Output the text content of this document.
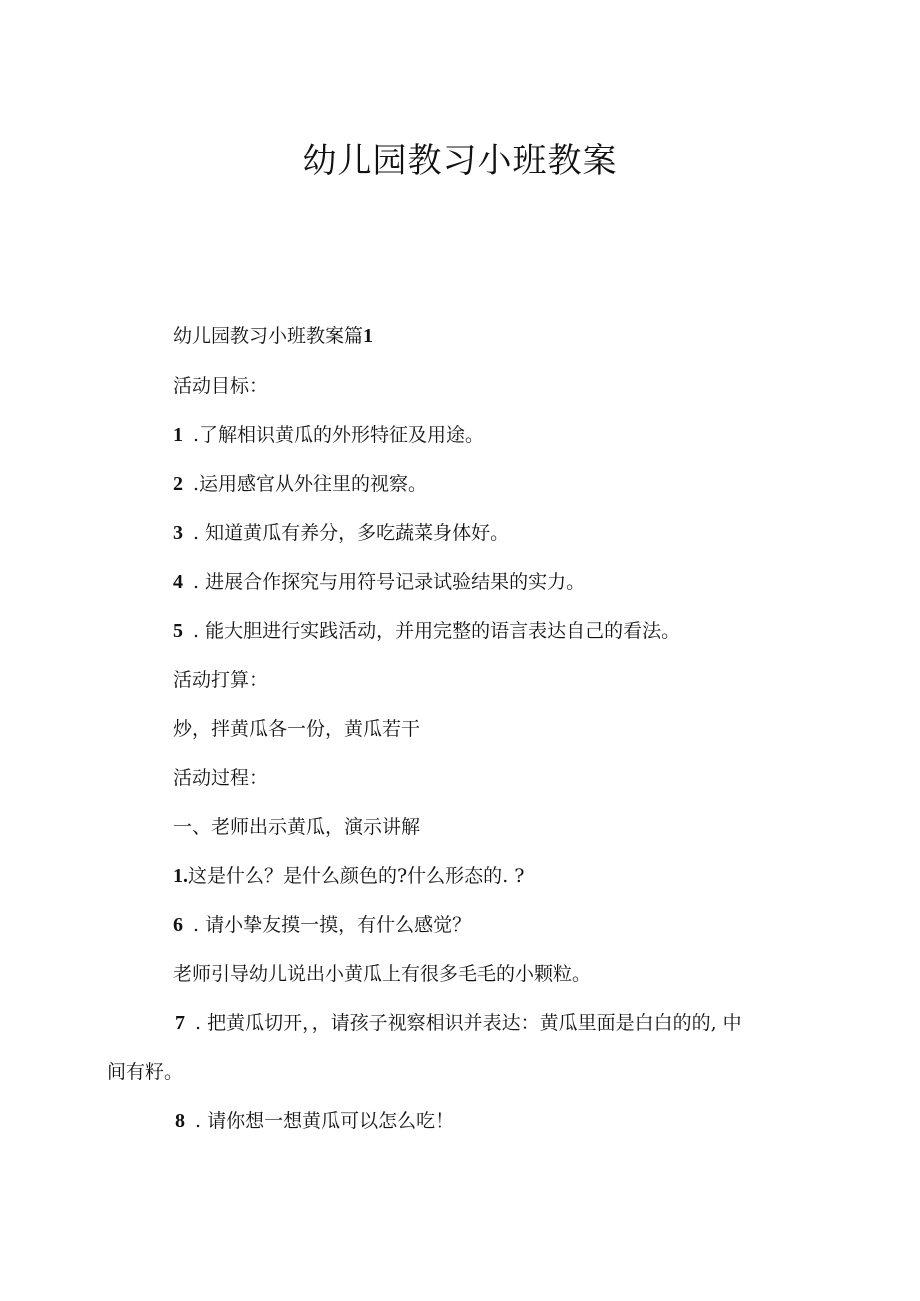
幼儿园教习小班教案
幼儿园教习小班教案篇1
活动目标：
1 .了解相识黄瓜的外形特征及用途。
2 .运用感官从外往里的视察。
3 . 知道黄瓜有养分，多吃蔬菜身体好。
4 . 进展合作探究与用符号记录试验结果的实力。
5 . 能大胆进行实践活动，并用完整的语言表达自己的看法。
活动打算：
炒，拌黄瓜各一份，黄瓜若干
活动过程：
一、老师出示黄瓜，演示讲解
1.这是什么？是什么颜色的?什么形态的. ?
6 . 请小挚友摸一摸，有什么感觉？
老师引导幼儿说出小黄瓜上有很多毛毛的小颗粒。
7 . 把黄瓜切开，，请孩子视察相识并表达：黄瓜里面是白白的的, 中
间有籽。
8 . 请你想一想黄瓜可以怎么吃！
